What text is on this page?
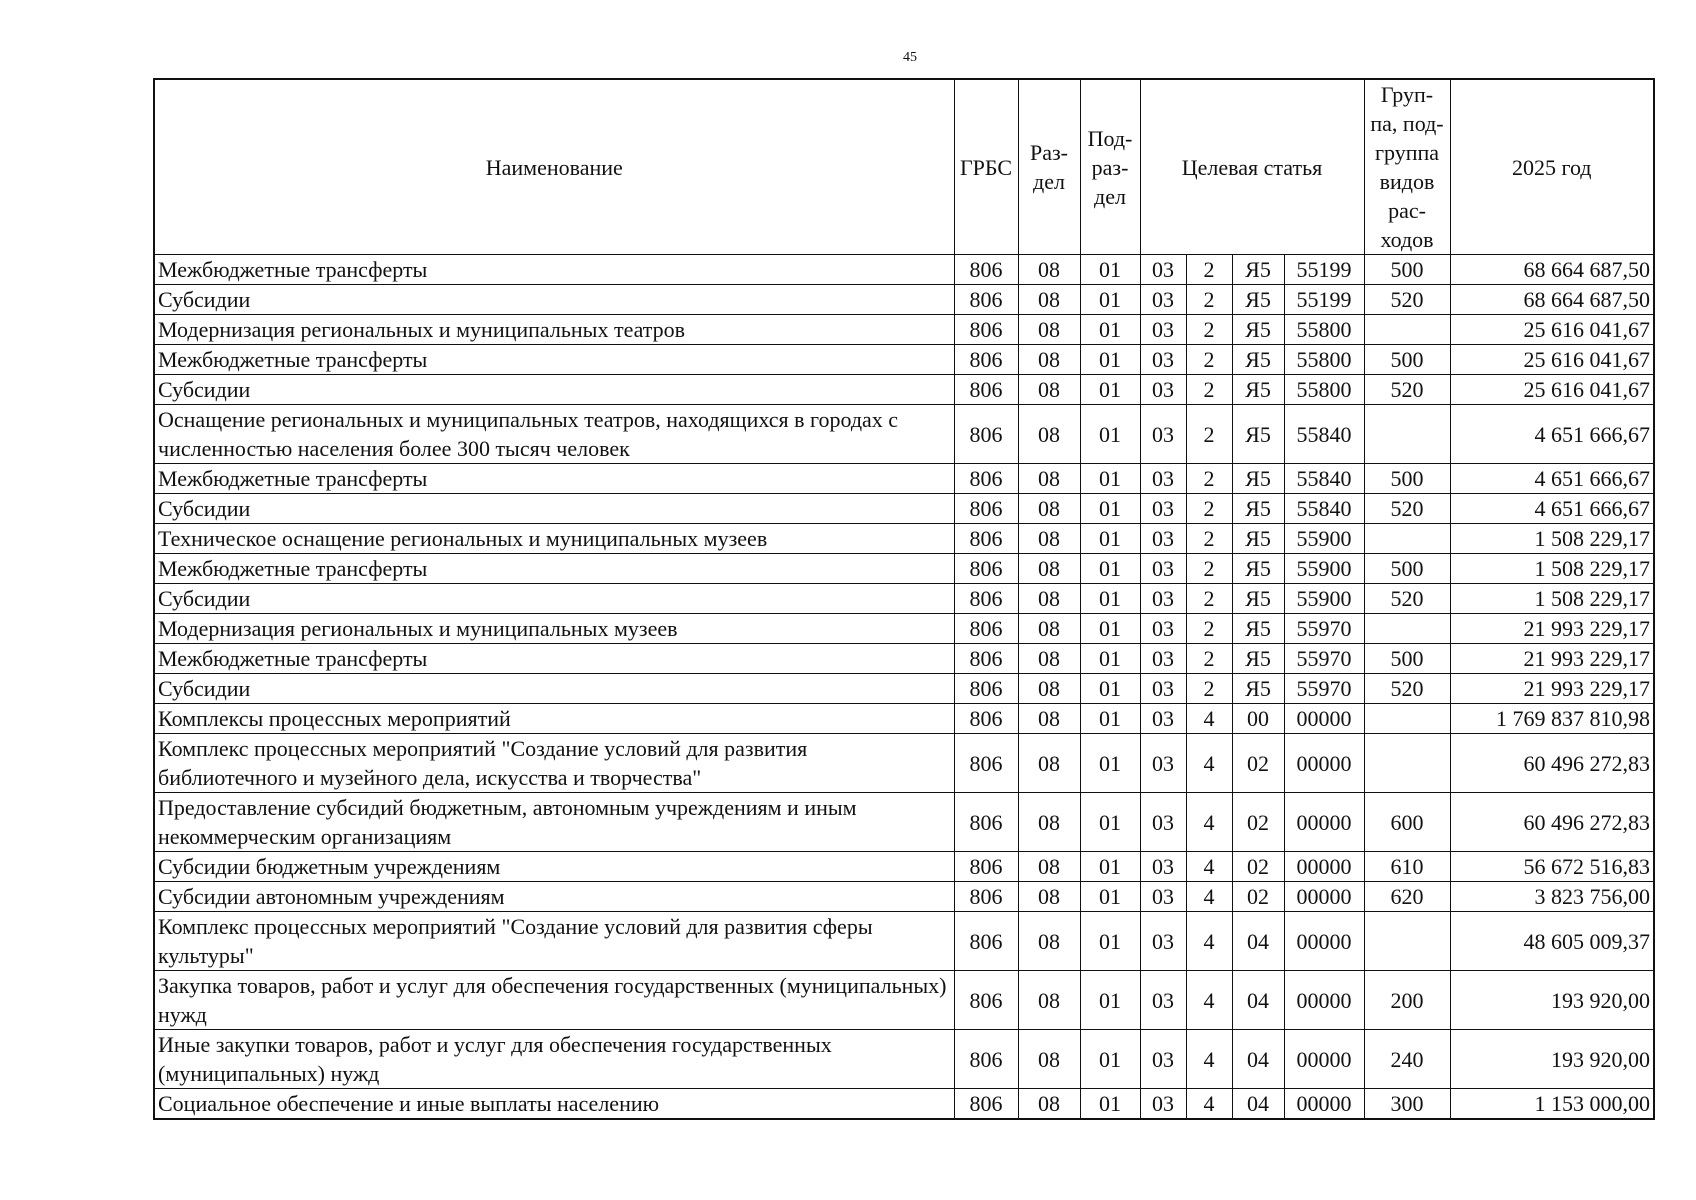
45
Наименование	ГРБС	Раз-дел	Под-раз-дел	Целевая статья				Груп-па, под-группа видов рас-ходов	2025 год
Межбюджетные трансферты	806	08	01	03	2	Я5	55199	500	68 664 687,50
Субсидии	806	08	01	03	2	Я5	55199	520	68 664 687,50
Модернизация региональных и муниципальных театров	806	08	01	03	2	Я5	55800		25 616 041,67
Межбюджетные трансферты	806	08	01	03	2	Я5	55800	500	25 616 041,67
Субсидии	806	08	01	03	2	Я5	55800	520	25 616 041,67
Оснащение региональных и муниципальных театров, находящихся в городах с численностью населения более 300 тысяч человек	806	08	01	03	2	Я5	55840		4 651 666,67
Межбюджетные трансферты	806	08	01	03	2	Я5	55840	500	4 651 666,67
Субсидии	806	08	01	03	2	Я5	55840	520	4 651 666,67
Техническое оснащение региональных и муниципальных музеев	806	08	01	03	2	Я5	55900		1 508 229,17
Межбюджетные трансферты	806	08	01	03	2	Я5	55900	500	1 508 229,17
Субсидии	806	08	01	03	2	Я5	55900	520	1 508 229,17
Модернизация региональных и муниципальных музеев	806	08	01	03	2	Я5	55970		21 993 229,17
Межбюджетные трансферты	806	08	01	03	2	Я5	55970	500	21 993 229,17
Субсидии	806	08	01	03	2	Я5	55970	520	21 993 229,17
Комплексы процессных мероприятий	806	08	01	03	4	00	00000		1 769 837 810,98
Комплекс процессных мероприятий "Создание условий для развития библиотечного и музейного дела, искусства и творчества"	806	08	01	03	4	02	00000		60 496 272,83
Предоставление субсидий бюджетным, автономным учреждениям и иным некоммерческим организациям	806	08	01	03	4	02	00000	600	60 496 272,83
Субсидии бюджетным учреждениям	806	08	01	03	4	02	00000	610	56 672 516,83
Субсидии автономным учреждениям	806	08	01	03	4	02	00000	620	3 823 756,00
Комплекс процессных мероприятий "Создание условий для развития сферы культуры"	806	08	01	03	4	04	00000		48 605 009,37
Закупка товаров, работ и услуг для обеспечения государственных (муниципальных) нужд	806	08	01	03	4	04	00000	200	193 920,00
Иные закупки товаров, работ и услуг для обеспечения государственных (муниципальных) нужд	806	08	01	03	4	04	00000	240	193 920,00
Социальное обеспечение и иные выплаты населению	806	08	01	03	4	04	00000	300	1 153 000,00
